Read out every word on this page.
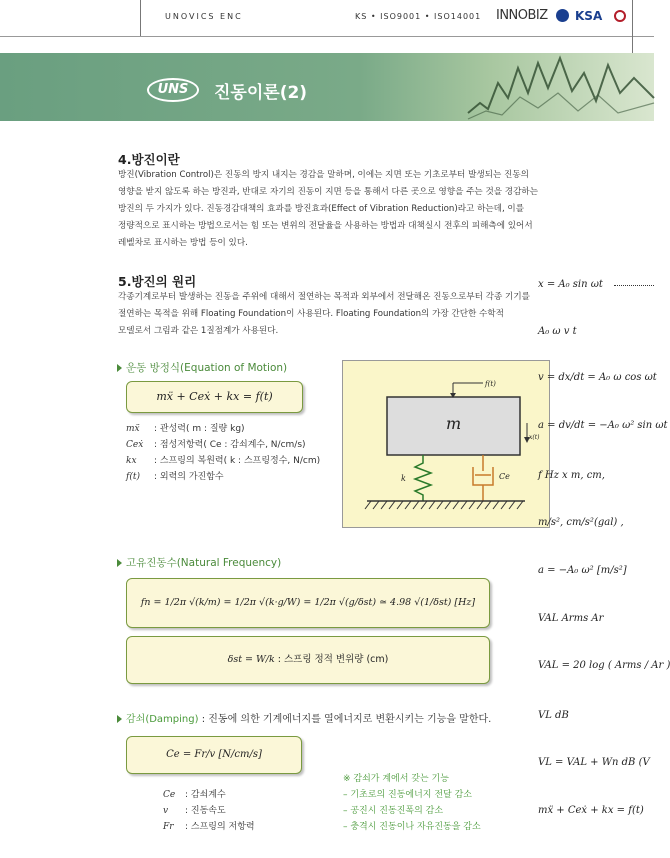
UNOVICS ENC	KS • ISO9001 • ISO14001 INNOBIZ KSA
UNS	진동이론(2)
4.방진이란
방진(Vibration Control)은 진동의 방지 내지는 경감을 말하며, 이에는 지면 또는 기초로부터 발생되는 진동의
영향을 받지 않도록 하는 방진과, 반대로 자기의 진동이 지면 등을 통해서 다른 곳으로 영향을 주는 것을 경감하는
방진의 두 가지가 있다. 진동경감대책의 효과를 방진효과(Effect of Vibration Reduction)라고 하는데, 이를
정량적으로 표시하는 방법으로서는 힘 또는 변위의 전달율을 사용하는 방법과 대책실시 전후의 피해측에 있어서
레벨차로 표시하는 방법 등이 있다.
5.방진의 원리
각종기계로부터 발생하는 진동을 주위에 대해서 절연하는 목적과 외부에서 전달해온 진동으로부터 각종 기기를
절연하는 목적을 위해 Floating Foundation이 사용된다. Floating Foundation의 가장 간단한 수학적
모델로서 그림과 같은 1질점계가 사용된다.
운동 방정식(Equation of Motion)
mẍ + Ceẋ + kx = f(t)
mẍ : 관성력( m : 질량 kg)
Ceẋ : 점성저항력( Ce : 감쇠계수, N/cm/s)
kx : 스프링의 복원력( k : 스프링정수, N/cm)
f(t) : 외력의 가진함수
m
f(t)
x(t)
k	Ce
고유진동수(Natural Frequency)
fn = 1/2π √(k/m) = 1/2π √(k·g/W) = 1/2π √(g/δst) ≃ 4.98 √(1/δst) [Hz]
δst = W/k : 스프링 정적 변위량 (cm)
감쇠(Damping) : 진동에 의한 기계에너지를 열에너지로 변환시키는 기능을 말한다.
Ce = Fr/v [N/cm/s]
Ce : 감쇠계수
v : 진동속도
Fr : 스프링의 저항력
※ 감쇠가 계에서 갖는 기능
– 기초로의 진동에너지 전달 감소
– 공진시 진동진폭의 감소
– 충격시 진동이나 자유진동을 감소
x = A₀ sin ωt
A₀ ω v t
v = dx/dt = A₀ ω cos ωt
a = dv/dt = −A₀ ω² sin ωt
f Hz x m, cm,
m/s², cm/s²(gal) ,
a = −A₀ ω² [m/s²]
VAL Arms Ar
VAL = 20 log ( Arms / Ar )
VL dB
VL = VAL + Wn dB (V
mẍ + Ceẋ + kx = f(t)
